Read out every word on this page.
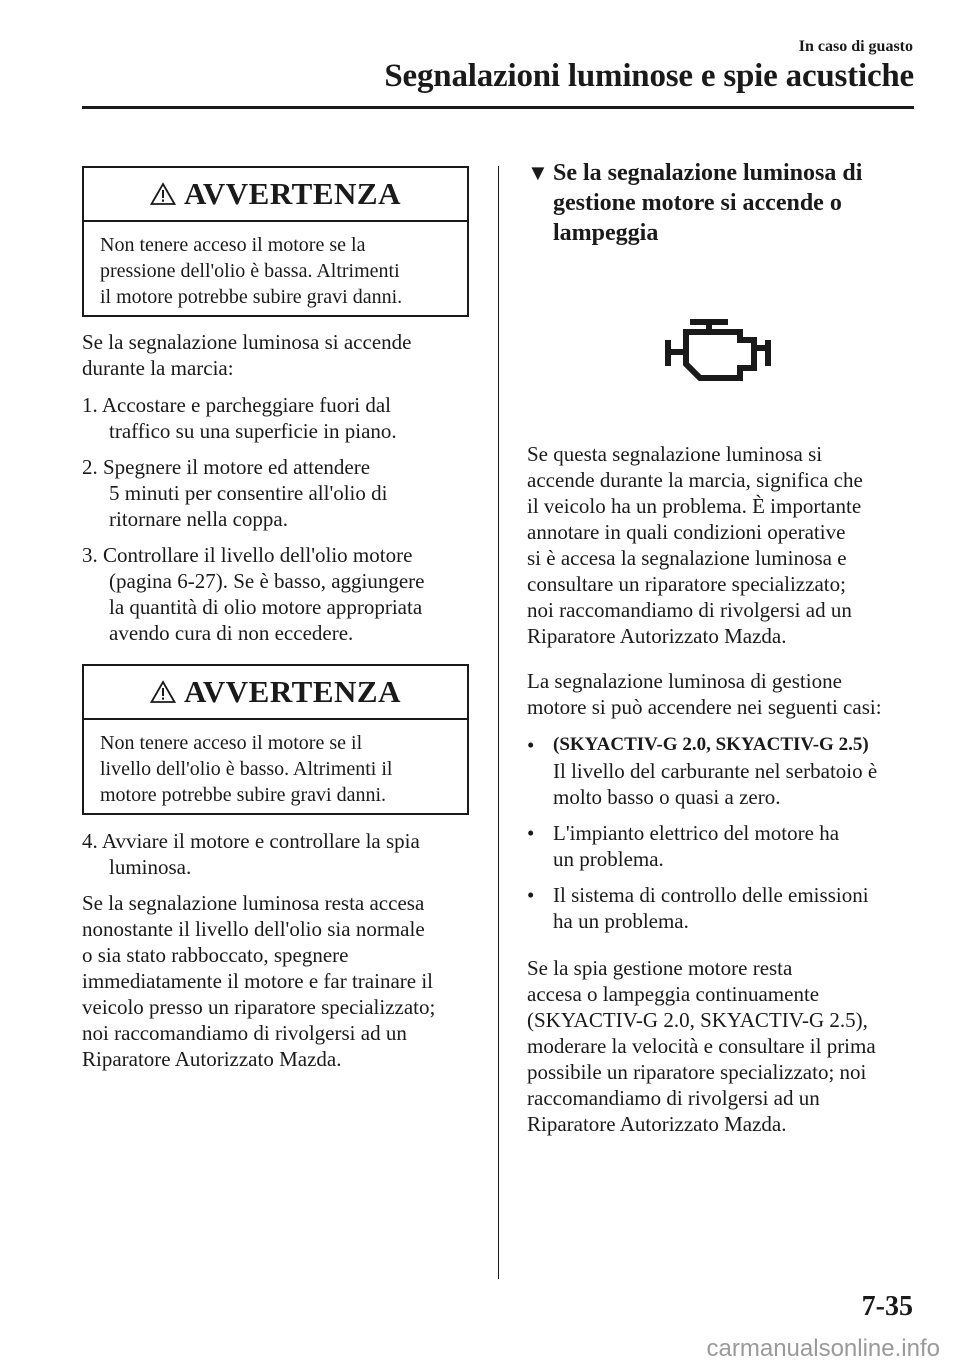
In caso di guasto
Segnalazioni luminose e spie acustiche
AVVERTENZA
Non tenere acceso il motore se la
pressione dell'olio è bassa. Altrimenti
il motore potrebbe subire gravi danni.
Se la segnalazione luminosa si accende
durante la marcia:
1. Accostare e parcheggiare fuori dal
traffico su una superficie in piano.
2. Spegnere il motore ed attendere
5 minuti per consentire all'olio di
ritornare nella coppa.
3. Controllare il livello dell'olio motore
(pagina 6-27). Se è basso, aggiungere
la quantità di olio motore appropriata
avendo cura di non eccedere.
AVVERTENZA
Non tenere acceso il motore se il
livello dell'olio è basso. Altrimenti il
motore potrebbe subire gravi danni.
4. Avviare il motore e controllare la spia
luminosa.
Se la segnalazione luminosa resta accesa
nonostante il livello dell'olio sia normale
o sia stato rabboccato, spegnere
immediatamente il motore e far trainare il
veicolo presso un riparatore specializzato;
noi raccomandiamo di rivolgersi ad un
Riparatore Autorizzato Mazda.
▼ Se la segnalazione luminosa di
gestione motore si accende o
lampeggia
Se questa segnalazione luminosa si
accende durante la marcia, significa che
il veicolo ha un problema. È importante
annotare in quali condizioni operative
si è accesa la segnalazione luminosa e
consultare un riparatore specializzato;
noi raccomandiamo di rivolgersi ad un
Riparatore Autorizzato Mazda.
La segnalazione luminosa di gestione
motore si può accendere nei seguenti casi:
• (SKYACTIV-G 2.0, SKYACTIV-G 2.5)
Il livello del carburante nel serbatoio è
molto basso o quasi a zero.
• L'impianto elettrico del motore ha
un problema.
• Il sistema di controllo delle emissioni
ha un problema.
Se la spia gestione motore resta
accesa o lampeggia continuamente
(SKYACTIV-G 2.0, SKYACTIV-G 2.5),
moderare la velocità e consultare il prima
possibile un riparatore specializzato; noi
raccomandiamo di rivolgersi ad un
Riparatore Autorizzato Mazda.
7-35
carmanualsonline.info
